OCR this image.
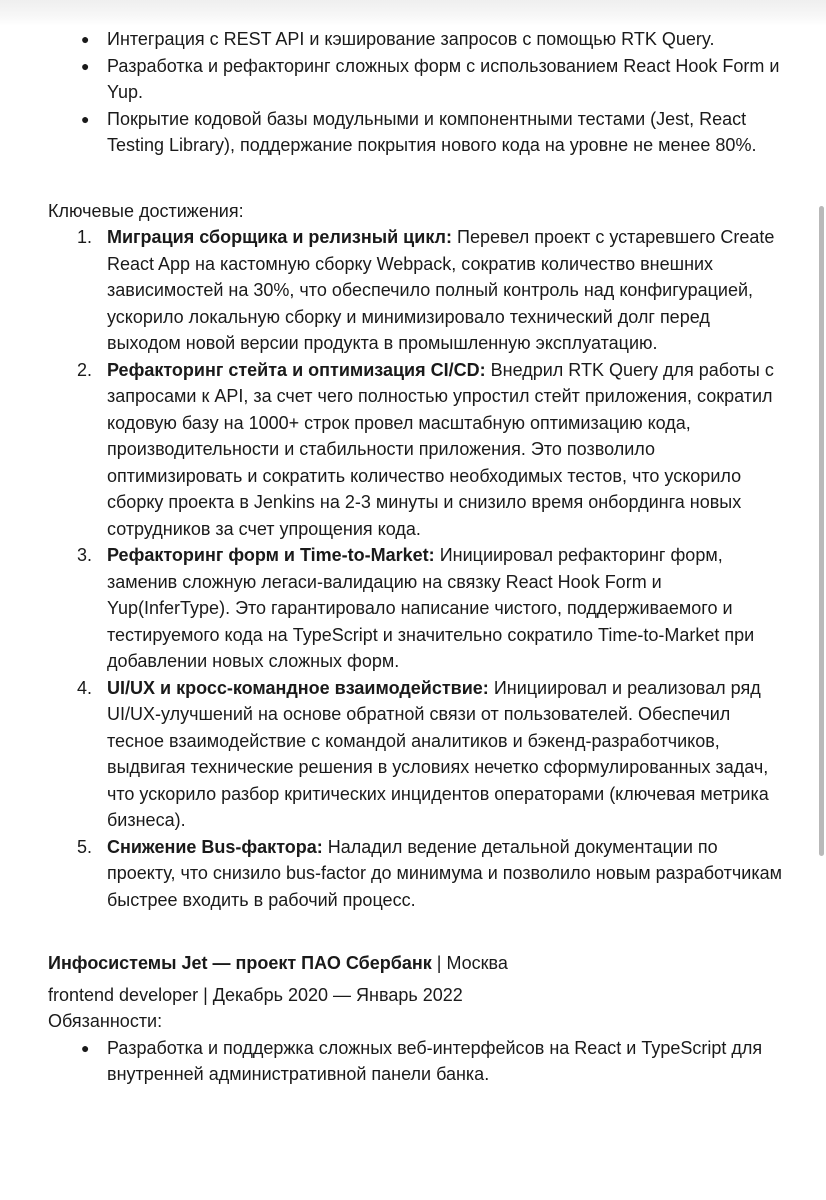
● Интеграция с REST API и кэширование запросов с помощью RTK Query.
● Разработка и рефакторинг сложных форм с использованием React Hook Form и Yup.
● Покрытие кодовой базы модульными и компонентными тестами (Jest, React Testing Library), поддержание покрытия нового кода на уровне не менее 80%.

Ключевые достижения:

1. Миграция сборщика и релизный цикл: Перевел проект с устаревшего Create React App на кастомную сборку Webpack, сократив количество внешних зависимостей на 30%, что обеспечило полный контроль над конфигурацией, ускорило локальную сборку и минимизировало технический долг перед выходом новой версии продукта в промышленную эксплуатацию.
2. Рефакторинг стейта и оптимизация CI/CD: Внедрил RTK Query для работы с запросами к API, за счет чего полностью упростил стейт приложения, сократил кодовую базу на 1000+ строк провел масштабную оптимизацию кода, производительности и стабильности приложения. Это позволило оптимизировать и сократить количество необходимых тестов, что ускорило сборку проекта в Jenkins на 2-3 минуты и снизило время онбординга новых сотрудников за счет упрощения кода.
3. Рефакторинг форм и Time-to-Market: Инициировал рефакторинг форм, заменив сложную легаси-валидацию на связку React Hook Form и Yup(InferType). Это гарантировало написание чистого, поддерживаемого и тестируемого кода на TypeScript и значительно сократило Time-to-Market при добавлении новых сложных форм.
4. UI/UX и кросс-командное взаимодействие: Инициировал и реализовал ряд UI/UX-улучшений на основе обратной связи от пользователей. Обеспечил тесное взаимодействие с командой аналитиков и бэкенд-разработчиков, выдвигая технические решения в условиях нечетко сформулированных задач, что ускорило разбор критических инцидентов операторами (ключевая метрика бизнеса).
5. Снижение Bus-фактора: Наладил ведение детальной документации по проекту, что снизило bus-factor до минимума и позволило новым разработчикам быстрее входить в рабочий процесс.

Инфосистемы Jet — проект ПАО Сбербанк | Москва

frontend developer | Декабрь 2020 — Январь 2022

Обязанности:

● Разработка и поддержка сложных веб-интерфейсов на React и TypeScript для внутренней административной панели банка.
